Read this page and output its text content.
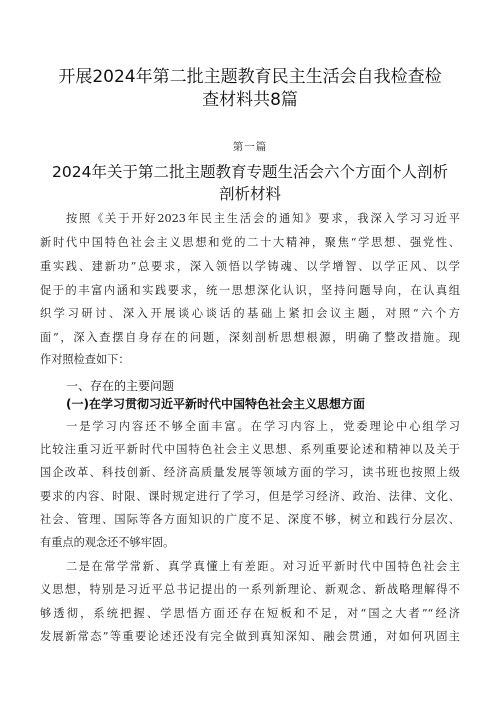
开展2024年第二批主题教育民主生活会自我检查检
查材料共8篇
第一篇
2024年关于第二批主题教育专题生活会六个方面个人剖析
剖析材料
按照《关于开好2023年民主生活会的通知》要求，我深入学习习近平
新时代中国特色社会主义思想和党的二十大精神，聚焦“学思想、强党性、
重实践、建新功”总要求，深入领悟以学铸魂、以学增智、以学正风、以学
促于的丰富内涵和实践要求，统一思想深化认识，坚持问题导向，在认真组
织学习研讨、深入开展谈心谈话的基础上紧扣会议主题，对照“六个方
面”，深入查摆自身存在的问题，深刻剖析思想根源，明确了整改措施。现
作对照检查如下：
一、存在的主要问题
(一)在学习贯彻习近平新时代中国特色社会主义思想方面
一是学习内容还不够全面丰富。在学习内容上，党委理论中心组学习
比较注重习近平新时代中国特色社会主义思想、系列重要论述和精神以及关于
国企改革、科技创新、经济高质量发展等领域方面的学习，读书班也按照上级
要求的内容、时限、课时规定进行了学习，但是学习经济、政治、法律、文化、
社会、管理、国际等各方面知识的广度不足、深度不够，树立和践行分层次、
有重点的观念还不够牢固。
二是在常学常新、真学真懂上有差距。对习近平新时代中国特色社会主
义思想，特别是习近平总书记提出的一系列新理论、新观念、新战略理解得不
够透彻，系统把握、学思悟方面还存在短板和不足，对“国之大者”“经济
发展新常态”等重要论述还没有完全做到真知深知、融会贯通，对如何巩固主
